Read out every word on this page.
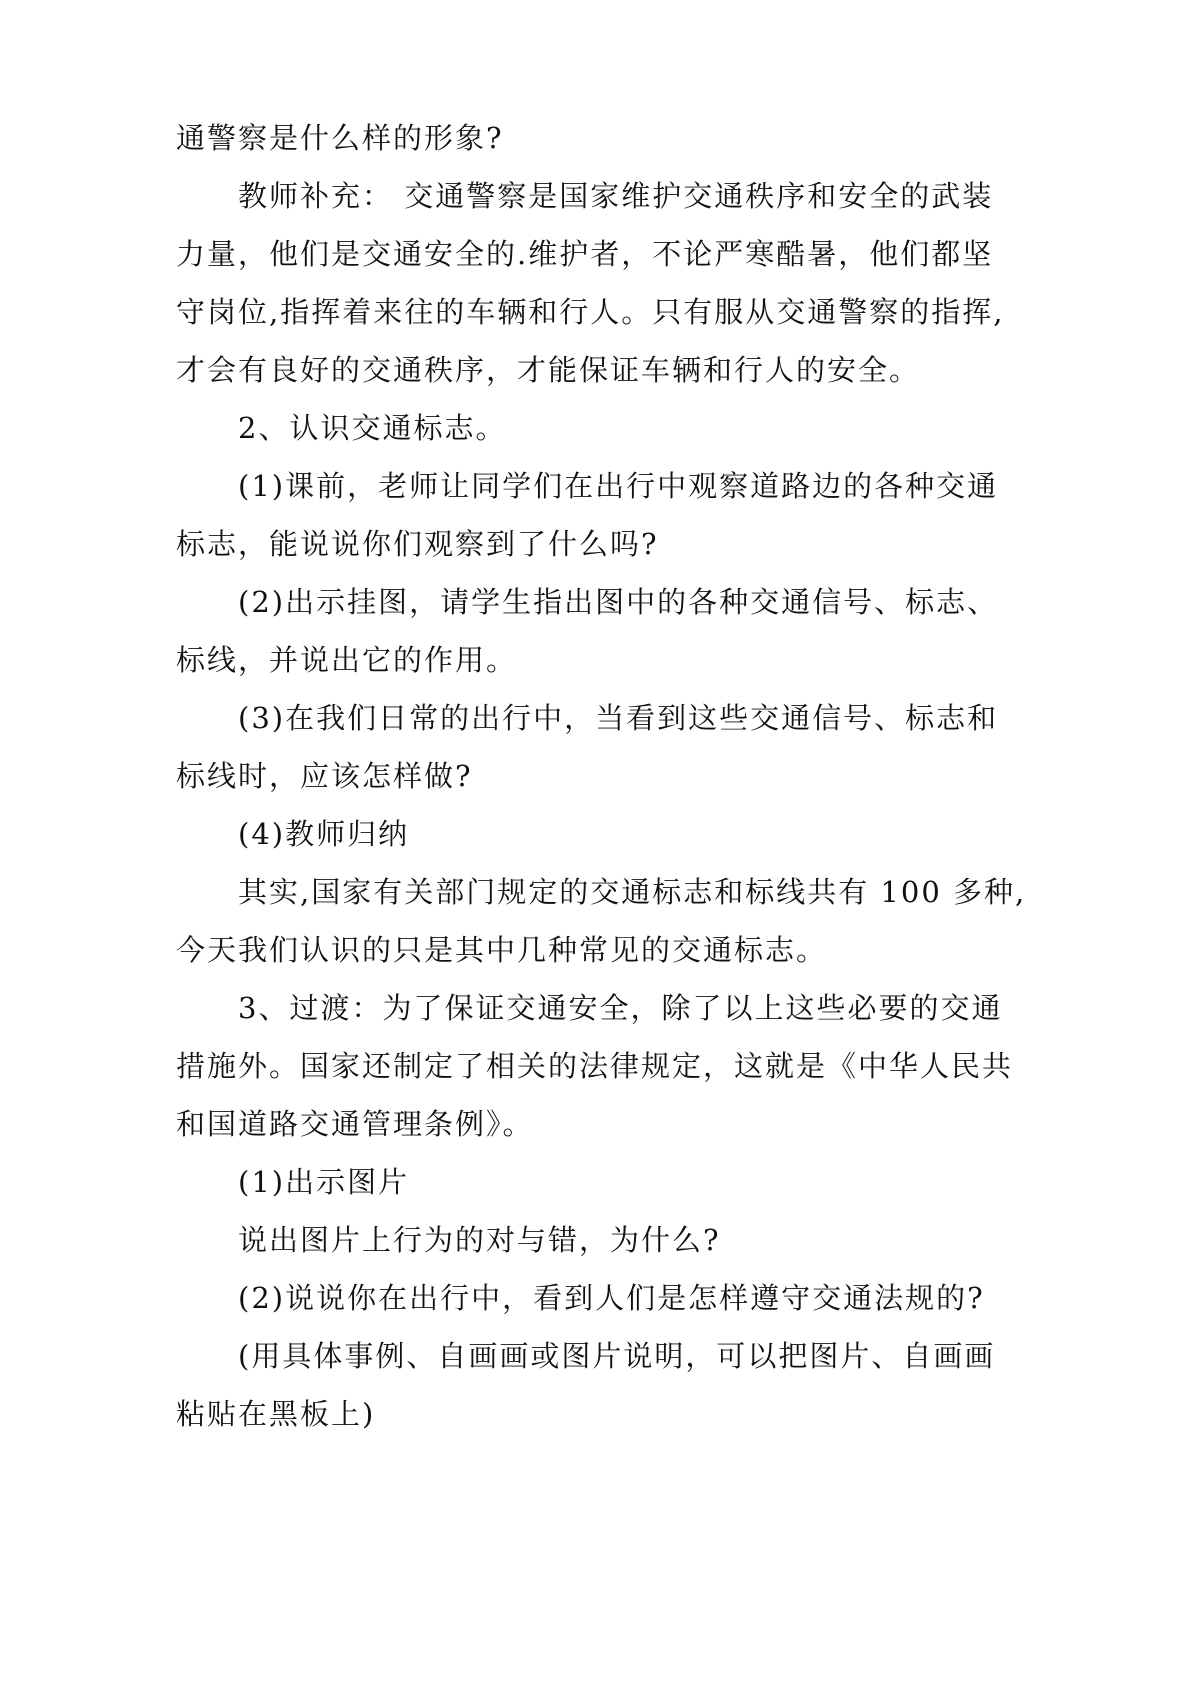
通警察是什么样的形象?
教师补充： 交通警察是国家维护交通秩序和安全的武装
力量，他们是交通安全的.维护者，不论严寒酷暑，他们都坚
守岗位,指挥着来往的车辆和行人。只有服从交通警察的指挥,
才会有良好的交通秩序，才能保证车辆和行人的安全。
2、认识交通标志。
(1)课前，老师让同学们在出行中观察道路边的各种交通
标志，能说说你们观察到了什么吗?
(2)出示挂图，请学生指出图中的各种交通信号、标志、
标线，并说出它的作用。
(3)在我们日常的出行中，当看到这些交通信号、标志和
标线时，应该怎样做?
(4)教师归纳
其实,国家有关部门规定的交通标志和标线共有 100 多种,
今天我们认识的只是其中几种常见的交通标志。
3、过渡：为了保证交通安全，除了以上这些必要的交通
措施外。国家还制定了相关的法律规定，这就是《中华人民共
和国道路交通管理条例》。
(1)出示图片
说出图片上行为的对与错，为什么?
(2)说说你在出行中，看到人们是怎样遵守交通法规的?
(用具体事例、自画画或图片说明，可以把图片、自画画
粘贴在黑板上)
